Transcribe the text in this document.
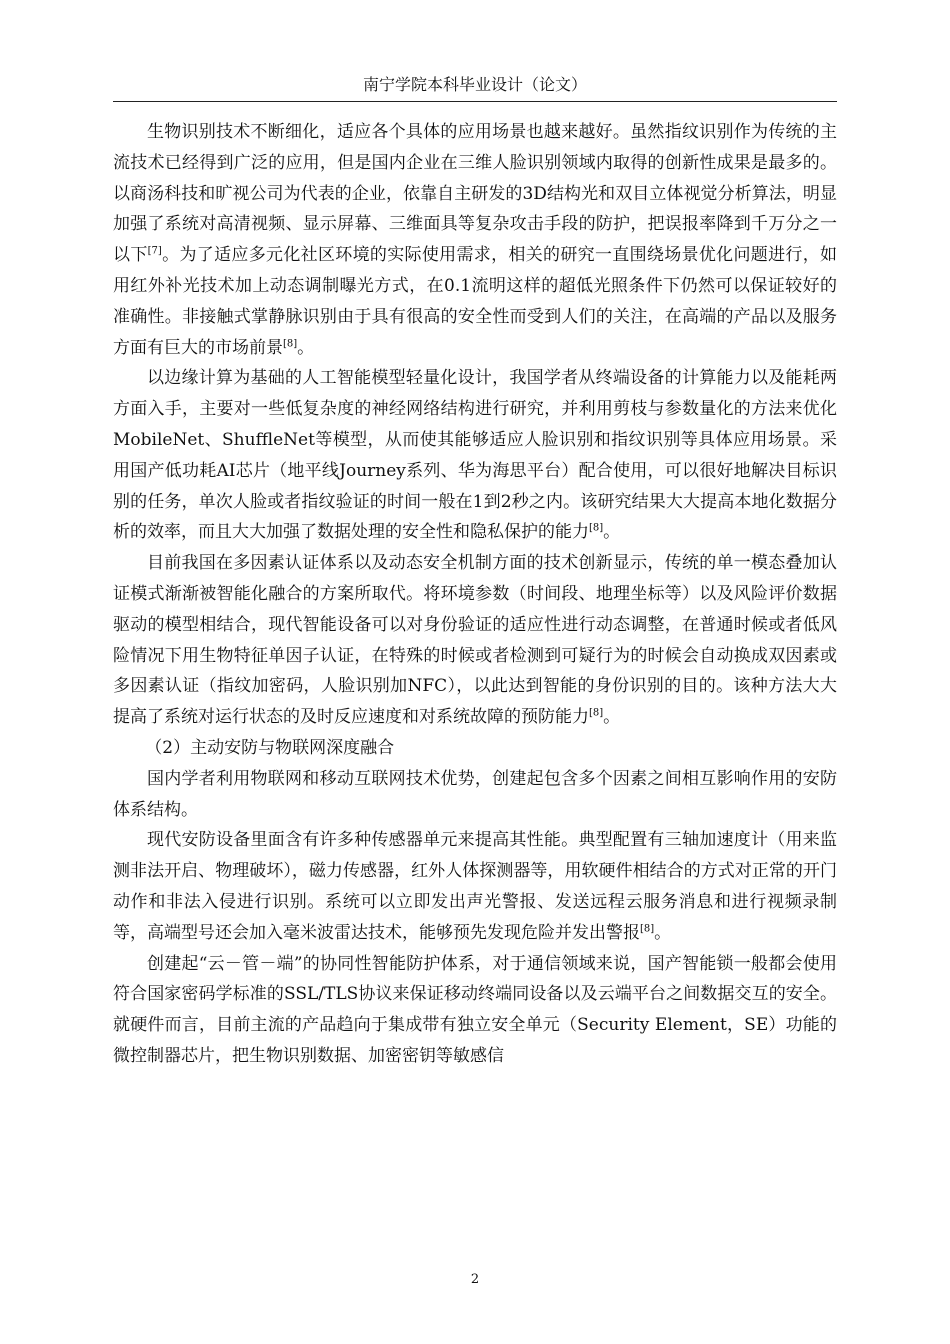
南宁学院本科毕业设计（论文）

生物识别技术不断细化，适应各个具体的应用场景也越来越好。虽然指纹识别作为传统的主流技术已经得到广泛的应用，但是国内企业在三维人脸识别领域内取得的创新性成果是最多的。以商汤科技和旷视公司为代表的企业，依靠自主研发的3D结构光和双目立体视觉分析算法，明显加强了系统对高清视频、显示屏幕、三维面具等复杂攻击手段的防护，把误报率降到千万分之一以下[7]。为了适应多元化社区环境的实际使用需求，相关的研究一直围绕场景优化问题进行，如用红外补光技术加上动态调制曝光方式，在0.1流明这样的超低光照条件下仍然可以保证较好的准确性。非接触式掌静脉识别由于具有很高的安全性而受到人们的关注，在高端的产品以及服务方面有巨大的市场前景[8]。

以边缘计算为基础的人工智能模型轻量化设计，我国学者从终端设备的计算能力以及能耗两方面入手，主要对一些低复杂度的神经网络结构进行研究，并利用剪枝与参数量化的方法来优化MobileNet、ShuffleNet等模型，从而使其能够适应人脸识别和指纹识别等具体应用场景。采用国产低功耗AI芯片（地平线Journey系列、华为海思平台）配合使用，可以很好地解决目标识别的任务，单次人脸或者指纹验证的时间一般在1到2秒之内。该研究结果大大提高本地化数据分析的效率，而且大大加强了数据处理的安全性和隐私保护的能力[8]。

目前我国在多因素认证体系以及动态安全机制方面的技术创新显示，传统的单一模态叠加认证模式渐渐被智能化融合的方案所取代。将环境参数（时间段、地理坐标等）以及风险评价数据驱动的模型相结合，现代智能设备可以对身份验证的适应性进行动态调整，在普通时候或者低风险情况下用生物特征单因子认证，在特殊的时候或者检测到可疑行为的时候会自动换成双因素或多因素认证（指纹加密码，人脸识别加NFC），以此达到智能的身份识别的目的。该种方法大大提高了系统对运行状态的及时反应速度和对系统故障的预防能力[8]。

（2）主动安防与物联网深度融合

国内学者利用物联网和移动互联网技术优势，创建起包含多个因素之间相互影响作用的安防体系结构。

现代安防设备里面含有许多种传感器单元来提高其性能。典型配置有三轴加速度计（用来监测非法开启、物理破坏），磁力传感器，红外人体探测器等，用软硬件相结合的方式对正常的开门动作和非法入侵进行识别。系统可以立即发出声光警报、发送远程云服务消息和进行视频录制等，高端型号还会加入毫米波雷达技术，能够预先发现危险并发出警报[8]。

创建起“云－管－端”的协同性智能防护体系，对于通信领域来说，国产智能锁一般都会使用符合国家密码学标准的SSL/TLS协议来保证移动终端同设备以及云端平台之间数据交互的安全。就硬件而言，目前主流的产品趋向于集成带有独立安全单元（Security Element，SE）功能的微控制器芯片，把生物识别数据、加密密钥等敏感信

2
